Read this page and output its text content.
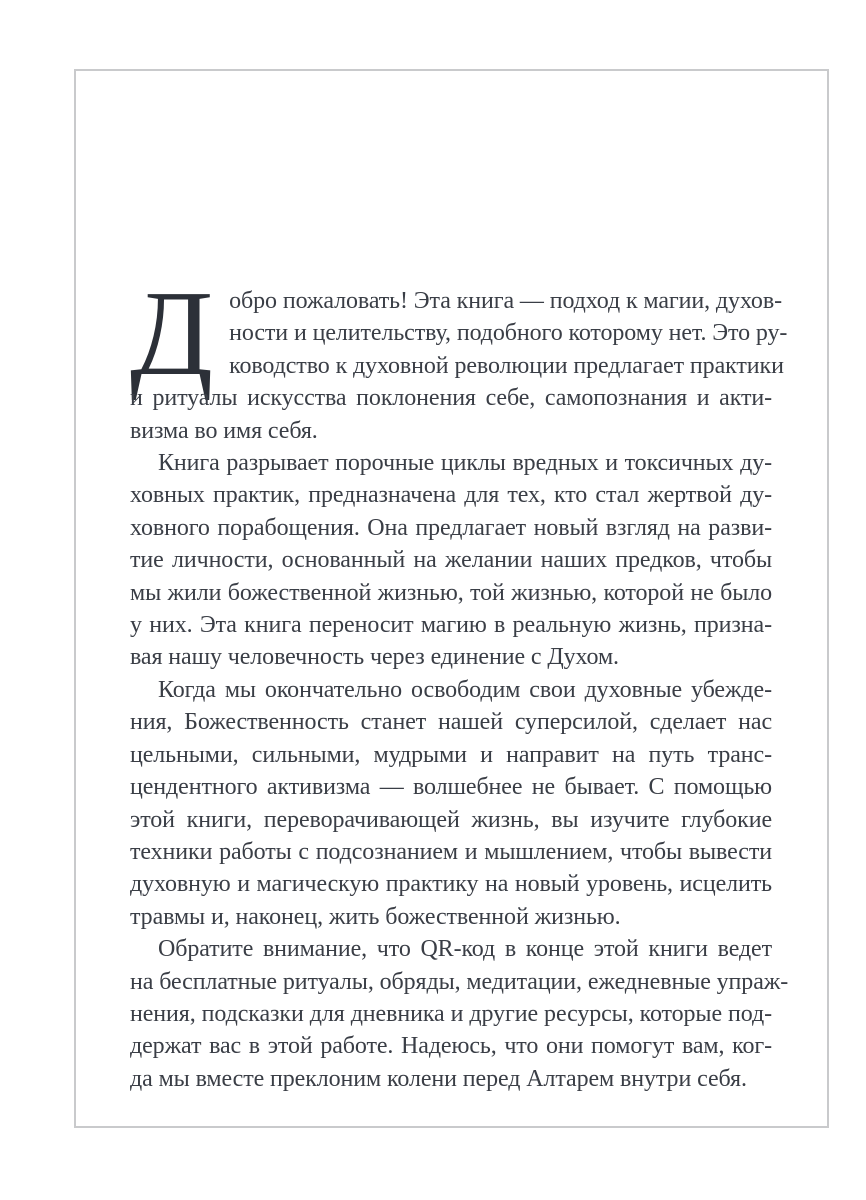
Д обро пожаловать! Эта книга — подход к магии, духов-
ности и целительству, подобного которому нет. Это ру-
ководство к духовной революции предлагает практики
и ритуалы искусства поклонения себе, самопознания и акти-
визма во имя себя.
Книга разрывает порочные циклы вредных и токсичных ду-
ховных практик, предназначена для тех, кто стал жертвой ду-
ховного порабощения. Она предлагает новый взгляд на разви-
тие личности, основанный на желании наших предков, чтобы
мы жили божественной жизнью, той жизнью, которой не было
у них. Эта книга переносит магию в реальную жизнь, призна-
вая нашу человечность через единение с Духом.
Когда мы окончательно освободим свои духовные убежде-
ния, Божественность станет нашей суперсилой, сделает нас
цельными, сильными, мудрыми и направит на путь транс-
цендентного активизма — волшебнее не бывает. С помощью
этой книги, переворачивающей жизнь, вы изучите глубокие
техники работы с подсознанием и мышлением, чтобы вывести
духовную и магическую практику на новый уровень, исцелить
травмы и, наконец, жить божественной жизнью.
Обратите внимание, что QR-код в конце этой книги ведет
на бесплатные ритуалы, обряды, медитации, ежедневные упраж-
нения, подсказки для дневника и другие ресурсы, которые под-
держат вас в этой работе. Надеюсь, что они помогут вам, ког-
да мы вместе преклоним колени перед Алтарем внутри себя.
